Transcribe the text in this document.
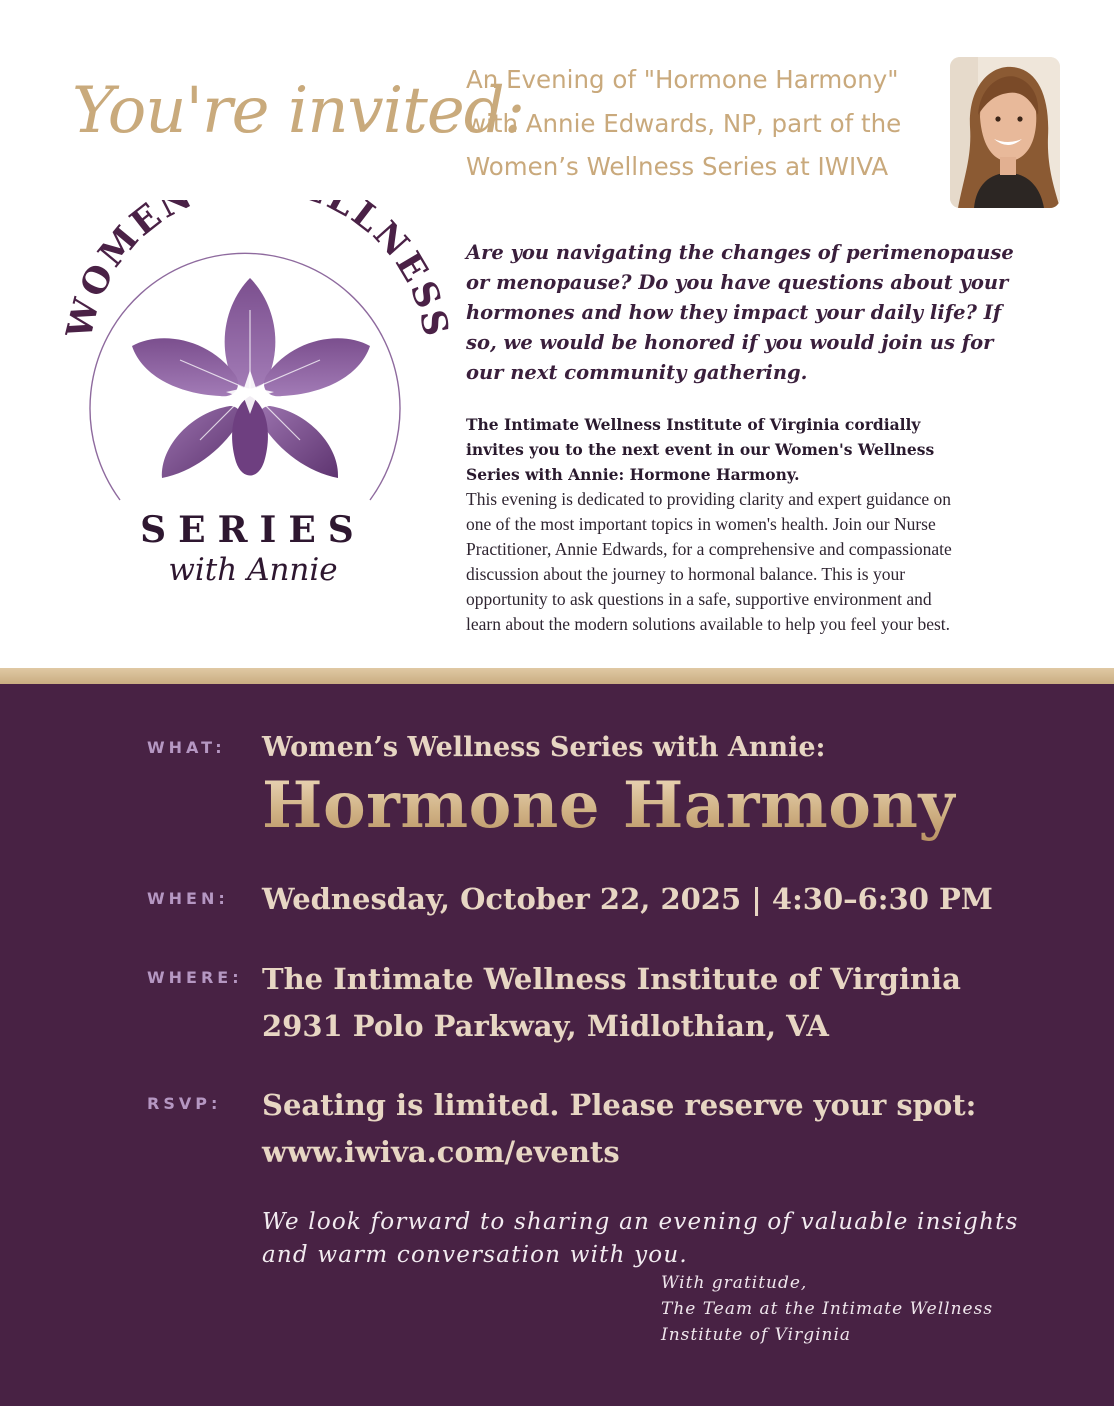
You're invited:
An Evening of "Hormone Harmony"
with Annie Edwards, NP, part of the
Women’s Wellness Series at IWIVA
WOMEN LLNES
SERIES
with Annie
Are you navigating the changes of perimenopause
or menopause? Do you have questions about your
hormones and how they impact your daily life? If
so, we would be honored if you would join us for
our next community gathering.
The Intimate Wellness Institute of Virginia cordially
invites you to the next event in our Women's Wellness
Series with Annie: Hormone Harmony.
This evening is dedicated to providing clarity and expert guidance on
one of the most important topics in women's health. Join our Nurse
Practitioner, Annie Edwards, for a comprehensive and compassionate
discussion about the journey to hormonal balance. This is your
opportunity to ask questions in a safe, supportive environment and
learn about the modern solutions available to help you feel your best.
WHAT: Women’s Wellness Series with Annie:
Hormone Harmony
WHEN: Wednesday, October 22, 2025 | 4:30–6:30 PM
WHERE: The Intimate Wellness Institute of Virginia
2931 Polo Parkway, Midlothian, VA
RSVP: Seating is limited. Please reserve your spot:
www.iwiva.com/events
We look forward to sharing an evening of valuable insights
and warm conversation with you.
With gratitude,
The Team at the Intimate Wellness
Institute of Virginia
